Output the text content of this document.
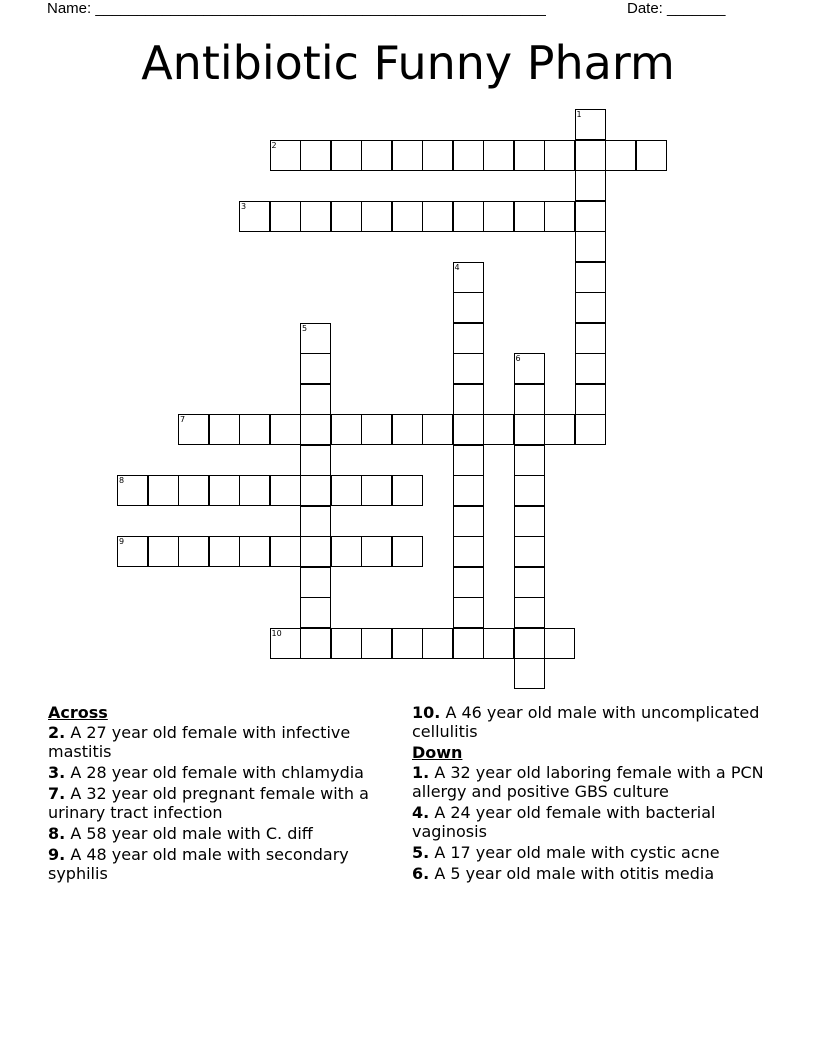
Name: ______________________________________________________	Date: _______
Antibiotic Funny Pharm
1
2
3
4
5
6
7
8
9
10
Across
2. A 27 year old female with infective mastitis
3. A 28 year old female with chlamydia
7. A 32 year old pregnant female with a urinary tract infection
8. A 58 year old male with C. diff
9. A 48 year old male with secondary syphilis
10. A 46 year old male with uncomplicated cellulitis
Down
1. A 32 year old laboring female with a PCN allergy and positive GBS culture
4. A 24 year old female with bacterial vaginosis
5. A 17 year old male with cystic acne
6. A 5 year old male with otitis media
